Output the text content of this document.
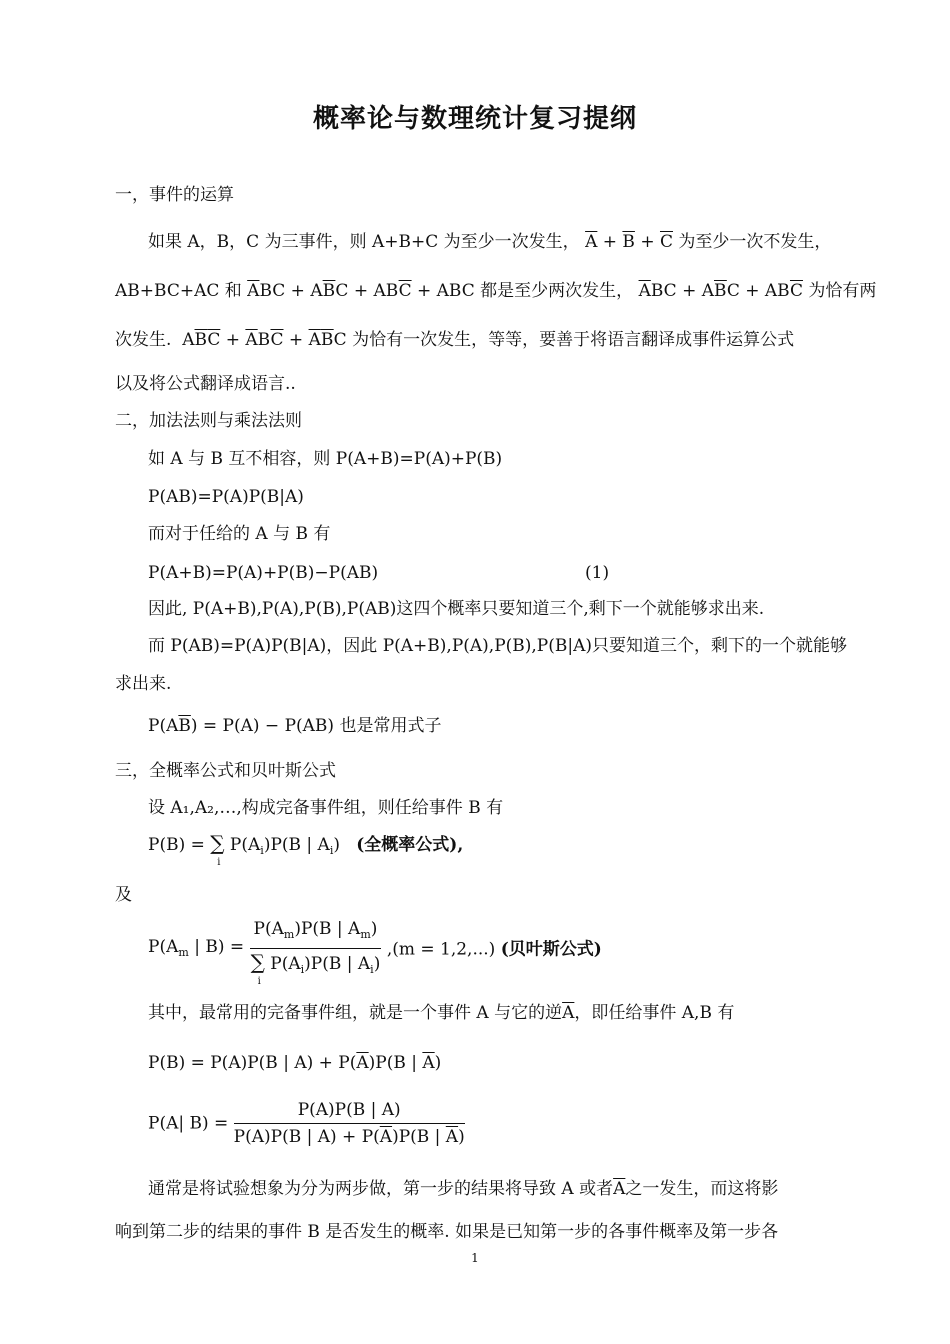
概率论与数理统计复习提纲
一，事件的运算
如果 A，B，C 为三事件，则 A+B+C 为至少一次发生， $\overline{A} + \overline{B} + \overline{C}$ 为至少一次不发生，
AB+BC+AC 和 $\overline{A}BC + A\overline{B}C + AB\overline{C}$ + ABC 都是至少两次发生， $\overline{A}BC + A\overline{B}C + AB\overline{C}$ 为恰有两
次发生.  $A\overline{B}\overline{C} + \overline{A}B\overline{C} + \overline{A}\overline{B}C$ 为恰有一次发生，等等，要善于将语言翻译成事件运算公式
以及将公式翻译成语言..
二，加法法则与乘法法则
如 A 与 B 互不相容，则 P(A+B)=P(A)+P(B)
P(AB)=P(A)P(B|A)
而对于任给的 A 与 B 有
P(A+B)=P(A)+P(B)−P(AB)	(1)
因此, P(A+B),P(A),P(B),P(AB)这四个概率只要知道三个,剩下一个就能够求出来.
而 P(AB)=P(A)P(B|A)，因此 P(A+B),P(A),P(B),P(B|A)只要知道三个，剩下的一个就能够
求出来.
$P(A\overline{B}) = P(A) - P(AB)$ 也是常用式子
三，全概率公式和贝叶斯公式
设 A₁,A₂,…,构成完备事件组，则任给事件 B 有
P(B) = ∑
i
$P(A_i)P(B$ | $A_i$)   (全概率公式),
及
$P(A_m$ | $B) = P(A_m)P(B$ | $A_m$)
∑
i
$P(A_i)P(B$ | $A_i$) ,(m = 1,2,...) (贝叶斯公式)
其中，最常用的完备事件组，就是一个事件 A 与它的逆$\overline{A}$，即任给事件 A,B 有
P(B) = P(A)P(B | $A) + P(\overline{A})P(B$ | $\overline{A}$)
P(A| $B) = \frac{P(A)P(B | A)}{P(A)P(B | A) + P(\overline{A})P(B | \overline{A})}$
通常是将试验想象为分为两步做，第一步的结果将导致 A 或者$\overline{A}$之一发生，而这将影
响到第二步的结果的事件 B 是否发生的概率. 如果是已知第一步的各事件概率及第一步各
1
